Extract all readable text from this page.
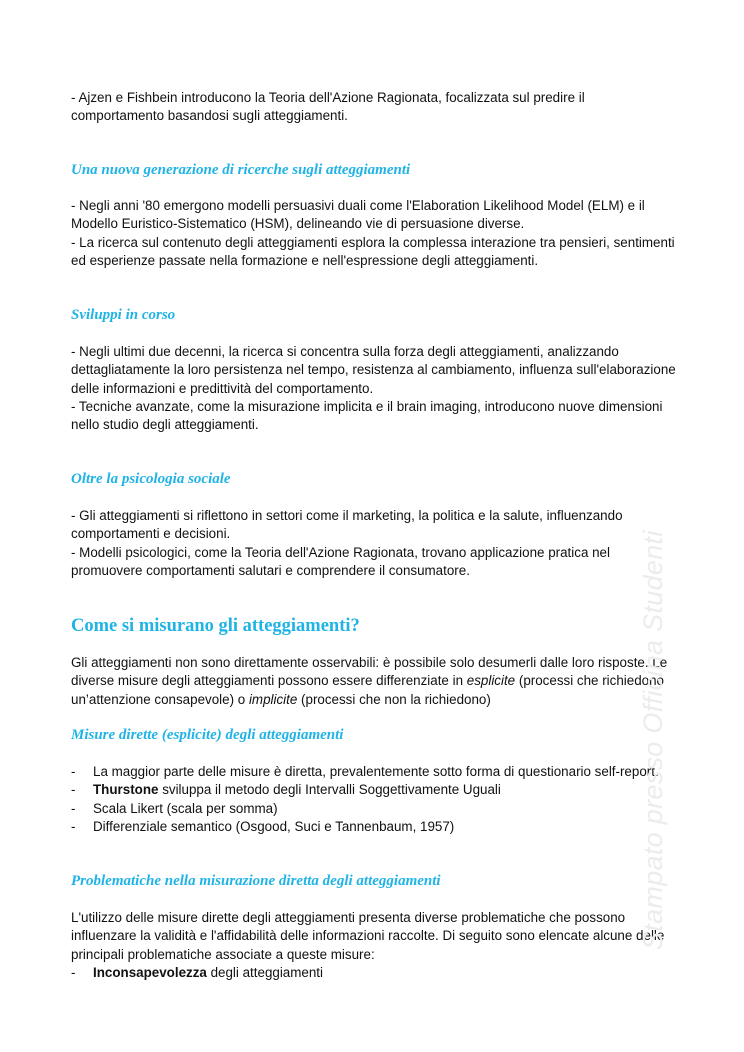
- Ajzen e Fishbein introducono la Teoria dell'Azione Ragionata, focalizzata sul predire il comportamento basandosi sugli atteggiamenti.

Una nuova generazione di ricerche sugli atteggiamenti

- Negli anni '80 emergono modelli persuasivi duali come l'Elaboration Likelihood Model (ELM) e il Modello Euristico-Sistematico (HSM), delineando vie di persuasione diverse.

- La ricerca sul contenuto degli atteggiamenti esplora la complessa interazione tra pensieri, sentimenti ed esperienze passate nella formazione e nell'espressione degli atteggiamenti.

Sviluppi in corso

- Negli ultimi due decenni, la ricerca si concentra sulla forza degli atteggiamenti, analizzando dettagliatamente la loro persistenza nel tempo, resistenza al cambiamento, influenza sull'elaborazione delle informazioni e predittività del comportamento.

- Tecniche avanzate, come la misurazione implicita e il brain imaging, introducono nuove dimensioni nello studio degli atteggiamenti.

Oltre la psicologia sociale

- Gli atteggiamenti si riflettono in settori come il marketing, la politica e la salute, influenzando comportamenti e decisioni.

- Modelli psicologici, come la Teoria dell'Azione Ragionata, trovano applicazione pratica nel promuovere comportamenti salutari e comprendere il consumatore.

Come si misurano gli atteggiamenti?

Gli atteggiamenti non sono direttamente osservabili: è possibile solo desumerli dalle loro risposte. Le diverse misure degli atteggiamenti possono essere differenziate in esplicite (processi che richiedono un’attenzione consapevole) o implicite (processi che non la richiedono)

Misure dirette (esplicite) degli atteggiamenti
- La maggior parte delle misure è diretta, prevalentemente sotto forma di questionario self-report.
- Thurstone sviluppa il metodo degli Intervalli Soggettivamente Uguali
- Scala Likert (scala per somma)
- Differenziale semantico (Osgood, Suci e Tannenbaum, 1957)
Problematiche nella misurazione diretta degli atteggiamenti

L'utilizzo delle misure dirette degli atteggiamenti presenta diverse problematiche che possono influenzare la validità e l'affidabilità delle informazioni raccolte. Di seguito sono elencate alcune delle principali problematiche associate a queste misure:

- Inconsapevolezza degli atteggiamenti
Stampato presso Officina Studenti
